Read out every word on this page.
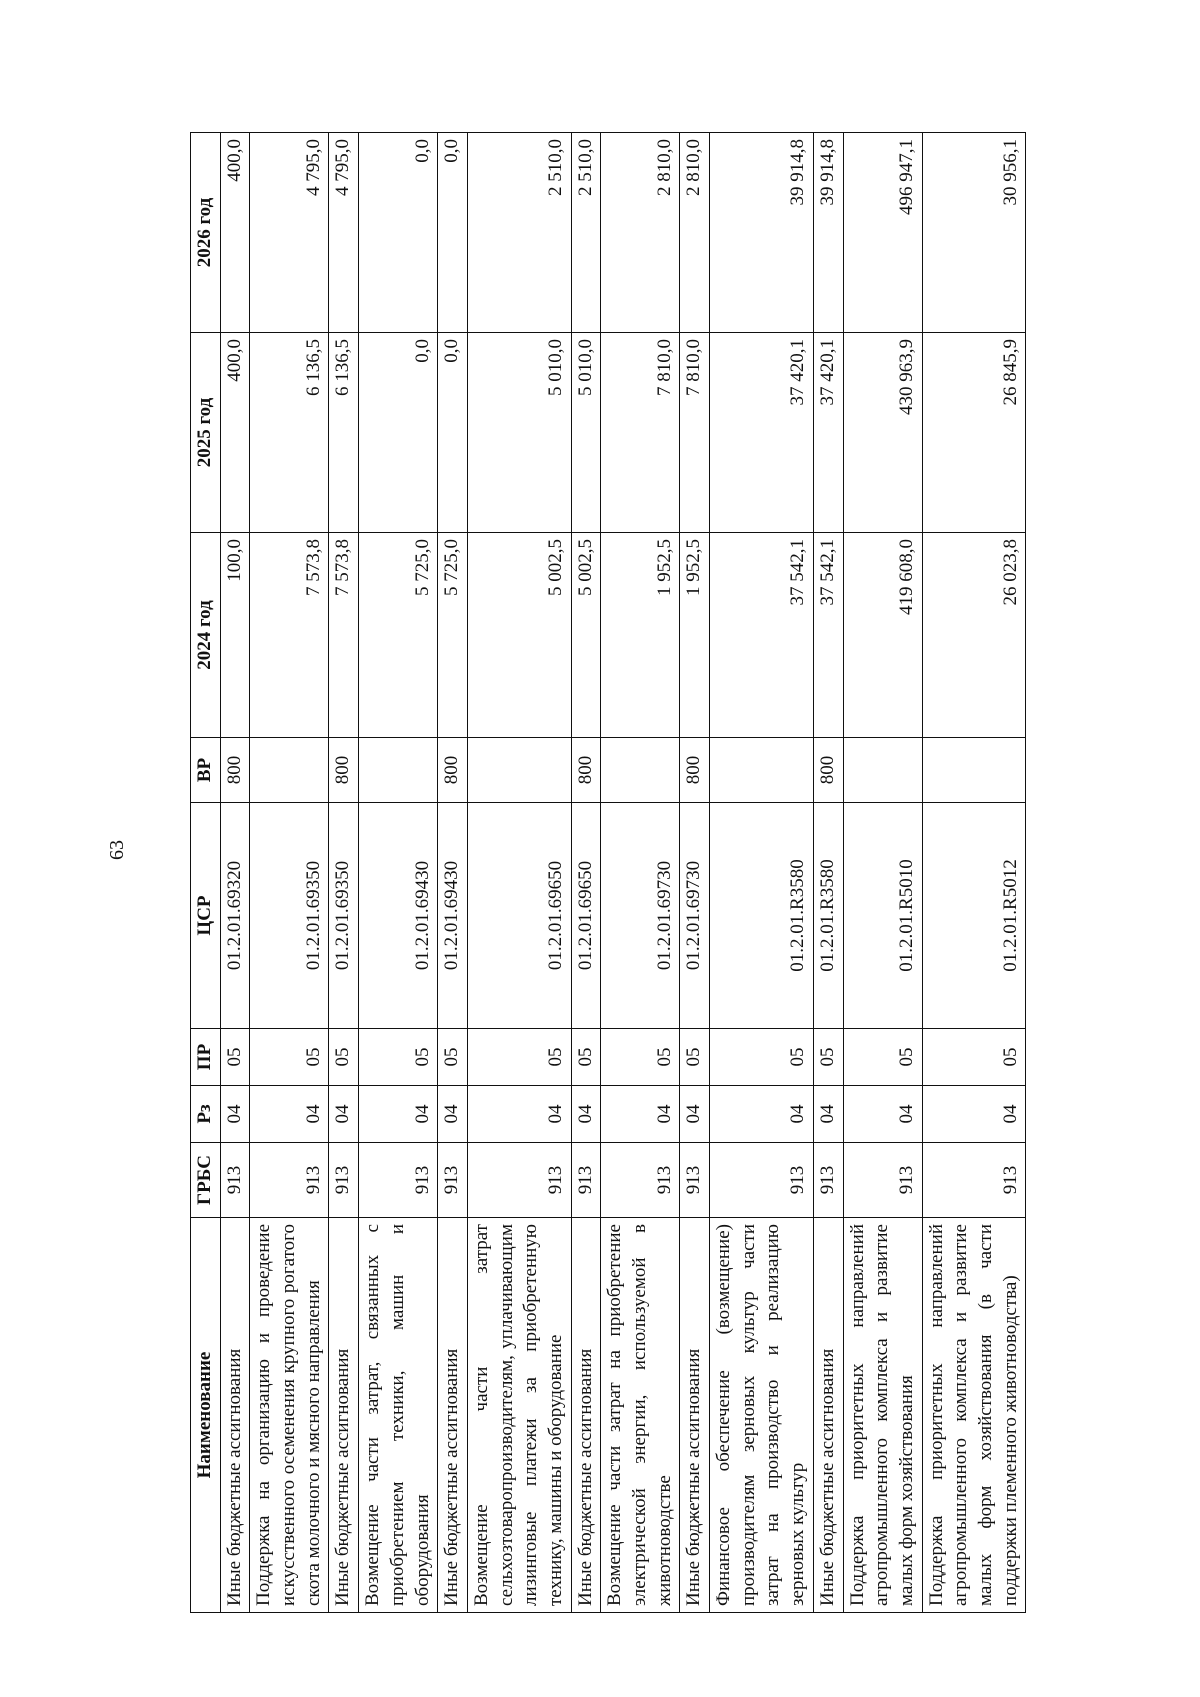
63
Наименование	ГРБС	Рз	ПР	ЦСР	ВР	2024 год	2025 год	2026 год
Иные бюджетные ассигнования	913	04	05	01.2.01.69320	800	100,0	400,0	400,0
Поддержка на организацию и проведение искусственного осеменения крупного рогатого скота молочного и мясного направления	913	04	05	01.2.01.69350		7 573,8	6 136,5	4 795,0
Иные бюджетные ассигнования	913	04	05	01.2.01.69350	800	7 573,8	6 136,5	4 795,0
Возмещение части затрат, связанных с приобретением техники, машин и оборудования	913	04	05	01.2.01.69430		5 725,0	0,0	0,0
Иные бюджетные ассигнования	913	04	05	01.2.01.69430	800	5 725,0	0,0	0,0
Возмещение части затрат сельхозтоваропроизводителям, уплачивающим лизинговые платежи за приобретенную технику, машины и оборудование	913	04	05	01.2.01.69650		5 002,5	5 010,0	2 510,0
Иные бюджетные ассигнования	913	04	05	01.2.01.69650	800	5 002,5	5 010,0	2 510,0
Возмещение части затрат на приобретение электрической энергии, используемой в животноводстве	913	04	05	01.2.01.69730		1 952,5	7 810,0	2 810,0
Иные бюджетные ассигнования	913	04	05	01.2.01.69730	800	1 952,5	7 810,0	2 810,0
Финансовое обеспечение (возмещение) производителям зерновых культур части затрат на производство и реализацию зерновых культур	913	04	05	01.2.01.R3580		37 542,1	37 420,1	39 914,8
Иные бюджетные ассигнования	913	04	05	01.2.01.R3580	800	37 542,1	37 420,1	39 914,8
Поддержка приоритетных направлений агропромышленного комплекса и развитие малых форм хозяйствования	913	04	05	01.2.01.R5010		419 608,0	430 963,9	496 947,1
Поддержка приоритетных направлений агропромышленного комплекса и развитие малых форм хозяйствования (в части поддержки племенного животноводства)	913	04	05	01.2.01.R5012		26 023,8	26 845,9	30 956,1
